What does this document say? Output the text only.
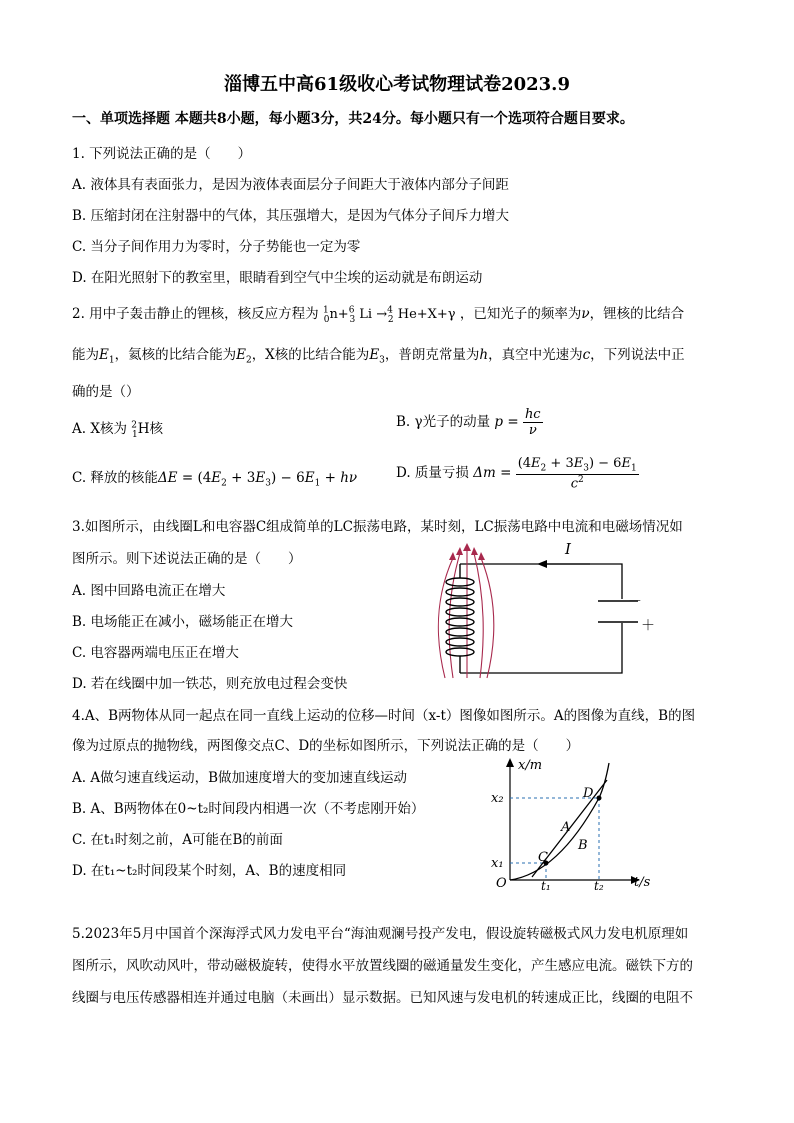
淄博五中高61级收心考试物理试卷2023.9
一、单项选择题 本题共8小题，每小题3分，共24分。每小题只有一个选项符合题目要求。
1. 下列说法正确的是（　　）
A. 液体具有表面张力，是因为液体表面层分子间距大于液体内部分子间距
B. 压缩封闭在注射器中的气体，其压强增大，是因为气体分子间斥力增大
C. 当分子间作用力为零时，分子势能也一定为零
D. 在阳光照射下的教室里，眼睛看到空气中尘埃的运动就是布朗运动
2. 用中子轰击静止的锂核，核反应方程为 $^1_0$n+$^6_3$ Li →$^4_2$ He+X+γ ，已知光子的频率为ν，锂核的比结合
能为$E_1$，氦核的比结合能为$E_2$，X核的比结合能为$E_3$，普朗克常量为h，真空中光速为c，下列说法中正
确的是（）
A. X核为 $^2_1$H核	B. γ光子的动量 $p = \frac{hc}{\nu}$
C. 释放的核能$\Delta E = (4E_2 + 3E_3) - 6E_1 + h\nu$	D. 质量亏损 $\Delta m = \frac{(4E_2 + 3E_3) - 6E_1}{c^2}$
3.如图所示，由线圈L和电容器C组成简单的LC振荡电路，某时刻，LC振荡电路中电流和电磁场情况如
图所示。则下述说法正确的是（　　）
A. 图中回路电流正在增大
B. 电场能正在减小，磁场能正在增大
C. 电容器两端电压正在增大
D. 若在线圈中加一铁芯，则充放电过程会变快
I
－
＋
4.A、B两物体从同一起点在同一直线上运动的位移—时间（x-t）图像如图所示。A的图像为直线，B的图
像为过原点的抛物线，两图像交点C、D的坐标如图所示，下列说法正确的是（　　）
A. A做匀速直线运动，B做加速度增大的变加速直线运动
B. A、B两物体在0~t₂时间段内相遇一次（不考虑刚开始）
C. 在t₁时刻之前，A可能在B的前面
D. 在t₁~t₂时间段某个时刻，A、B的速度相同
x/m
t/s
O
x₂
x₁
t₁	t₂
C
D
A
B
5.2023年5月中国首个深海浮式风力发电平台“海油观澜号投产发电，假设旋转磁极式风力发电机原理如
图所示，风吹动风叶，带动磁极旋转，使得水平放置线圈的磁通量发生变化，产生感应电流。磁铁下方的
线圈与电压传感器相连并通过电脑（未画出）显示数据。已知风速与发电机的转速成正比，线圈的电阻不
